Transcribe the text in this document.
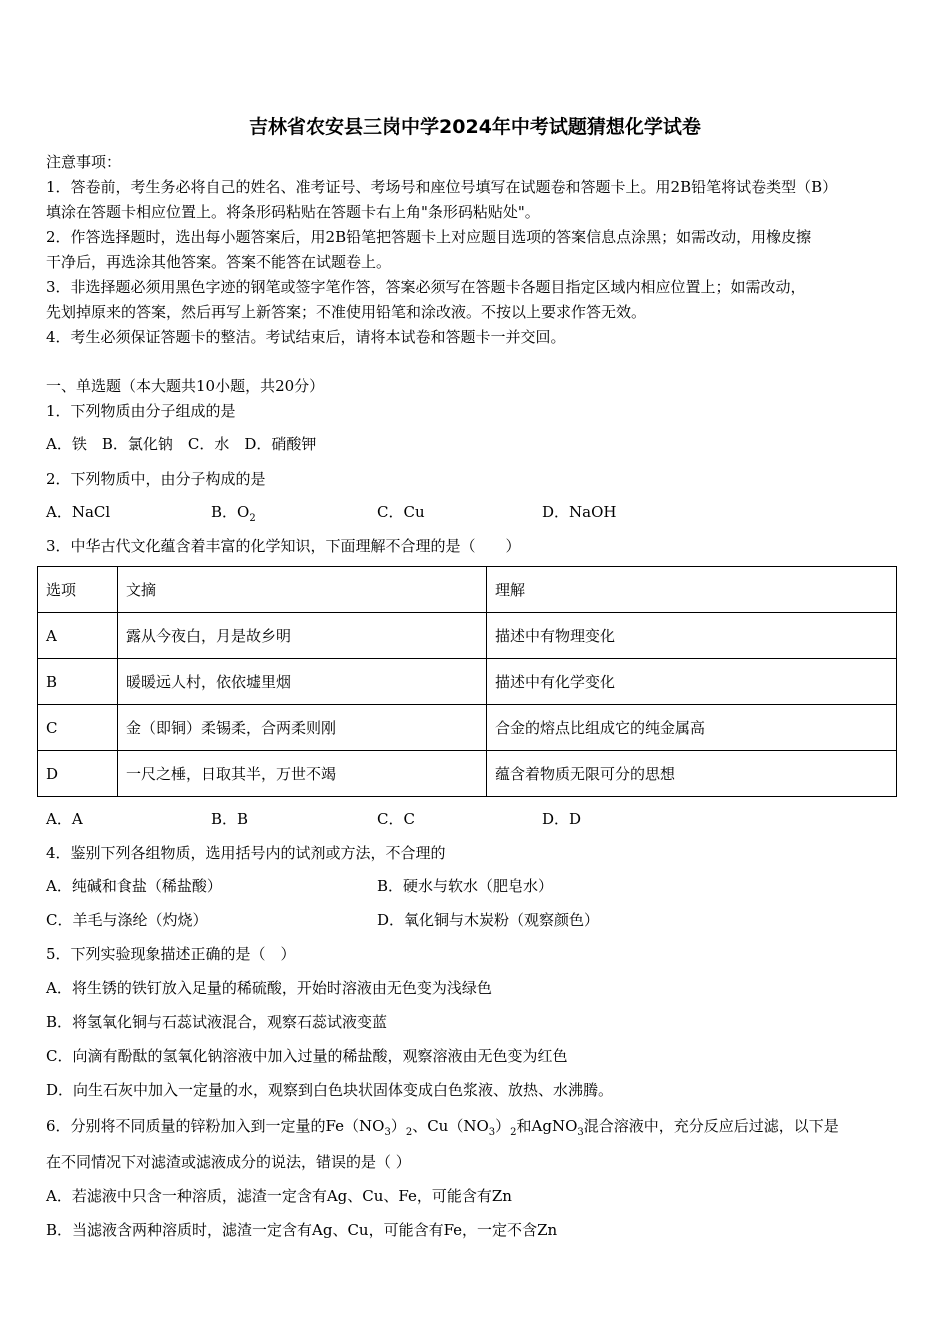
吉林省农安县三岗中学2024年中考试题猜想化学试卷
注意事项：
1．答卷前，考生务必将自己的姓名、准考证号、考场号和座位号填写在试题卷和答题卡上。用2B铅笔将试卷类型（B）
填涂在答题卡相应位置上。将条形码粘贴在答题卡右上角"条形码粘贴处"。
2．作答选择题时，选出每小题答案后，用2B铅笔把答题卡上对应题目选项的答案信息点涂黑；如需改动，用橡皮擦
干净后，再选涂其他答案。答案不能答在试题卷上。
3．非选择题必须用黑色字迹的钢笔或签字笔作答，答案必须写在答题卡各题目指定区域内相应位置上；如需改动，
先划掉原来的答案，然后再写上新答案；不准使用铅笔和涂改液。不按以上要求作答无效。
4．考生必须保证答题卡的整洁。考试结束后，请将本试卷和答题卡一并交回。
一、单选题（本大题共10小题，共20分）
1．下列物质由分子组成的是
A．铁　B．氯化钠　C．水　D．硝酸钾
2．下列物质中，由分子构成的是
A．NaCl	B．$O_2$	C．Cu	D．NaOH
3．中华古代文化蕴含着丰富的化学知识，下面理解不合理的是（　　）
选项	文摘	理解
A	露从今夜白，月是故乡明	描述中有物理变化
B	暖暖远人村，依依墟里烟	描述中有化学变化
C	金（即铜）柔锡柔，合两柔则刚	合金的熔点比组成它的纯金属高
D	一尺之棰，日取其半，万世不竭	蕴含着物质无限可分的思想
A．A	B．B	C．C	D．D
4．鉴别下列各组物质，选用括号内的试剂或方法，不合理的
A．纯碱和食盐（稀盐酸）	B．硬水与软水（肥皂水）
C．羊毛与涤纶（灼烧）	D．氧化铜与木炭粉（观察颜色）
5．下列实验现象描述正确的是（　）
A．将生锈的铁钉放入足量的稀硫酸，开始时溶液由无色变为浅绿色
B．将氢氧化铜与石蕊试液混合，观察石蕊试液变蓝
C．向滴有酚酞的氢氧化钠溶液中加入过量的稀盐酸，观察溶液由无色变为红色
D．向生石灰中加入一定量的水，观察到白色块状固体变成白色浆液、放热、水沸腾。
6．分别将不同质量的锌粉加入到一定量的$Fe(NO_3)_2$、$Cu(NO_3)_2$和AgNO$_3$混合溶液中，充分反应后过滤，以下是
在不同情况下对滤渣或滤液成分的说法，错误的是（ ）
A．若滤液中只含一种溶质，滤渣一定含有Ag、Cu、Fe，可能含有Zn
B．当滤液含两种溶质时，滤渣一定含有Ag、Cu，可能含有Fe，一定不含Zn
